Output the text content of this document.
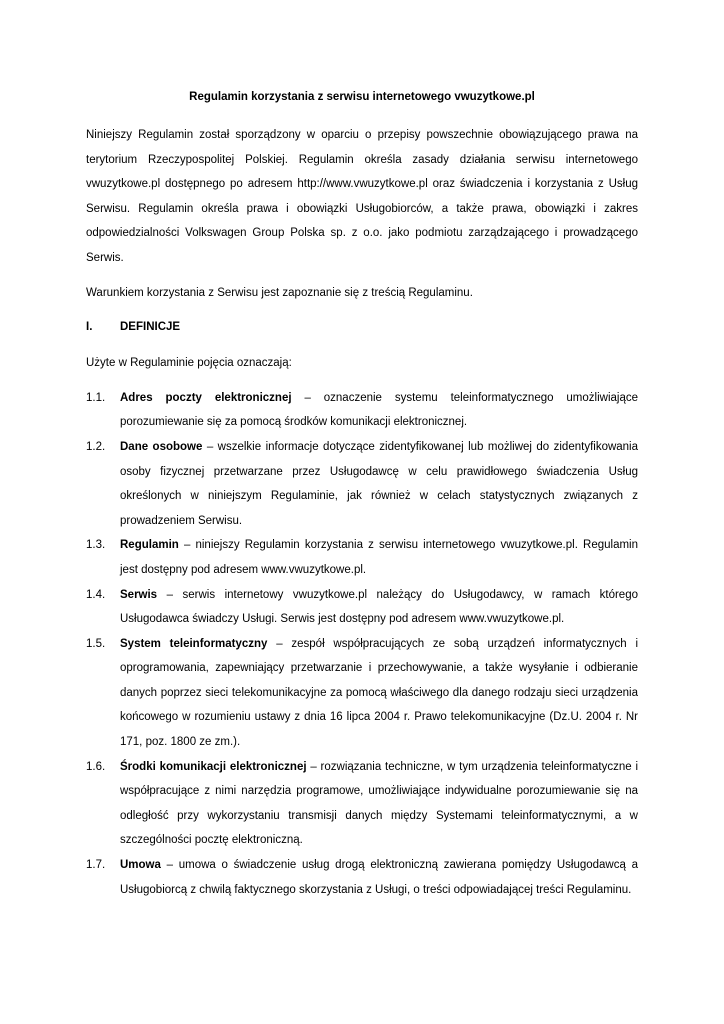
Regulamin korzystania z serwisu internetowego vwuzytkowe.pl

Niniejszy Regulamin został sporządzony w oparciu o przepisy powszechnie obowiązującego prawa na terytorium Rzeczypospolitej Polskiej. Regulamin określa zasady działania serwisu internetowego vwuzytkowe.pl dostępnego po adresem http://www.vwuzytkowe.pl oraz świadczenia i korzystania z Usług Serwisu. Regulamin określa prawa i obowiązki Usługobiorców, a także prawa, obowiązki i zakres odpowiedzialności Volkswagen Group Polska sp. z o.o. jako podmiotu zarządzającego i prowadzącego Serwis.

Warunkiem korzystania z Serwisu jest zapoznanie się z treścią Regulaminu.

I.	DEFINICJE

Użyte w Regulaminie pojęcia oznaczają:

1.1.	Adres poczty elektronicznej – oznaczenie systemu teleinformatycznego umożliwiające porozumiewanie się za pomocą środków komunikacji elektronicznej.
1.2.	Dane osobowe – wszelkie informacje dotyczące zidentyfikowanej lub możliwej do zidentyfikowania osoby fizycznej przetwarzane przez Usługodawcę w celu prawidłowego świadczenia Usług określonych w niniejszym Regulaminie, jak również w celach statystycznych związanych z prowadzeniem Serwisu.
1.3.	Regulamin – niniejszy Regulamin korzystania z serwisu internetowego vwuzytkowe.pl. Regulamin jest dostępny pod adresem www.vwuzytkowe.pl.
1.4.	Serwis – serwis internetowy vwuzytkowe.pl należący do Usługodawcy, w ramach którego Usługodawca świadczy Usługi. Serwis jest dostępny pod adresem www.vwuzytkowe.pl.
1.5.	System teleinformatyczny – zespół współpracujących ze sobą urządzeń informatycznych i oprogramowania, zapewniający przetwarzanie i przechowywanie, a także wysyłanie i odbieranie danych poprzez sieci telekomunikacyjne za pomocą właściwego dla danego rodzaju sieci urządzenia końcowego w rozumieniu ustawy z dnia 16 lipca 2004 r. Prawo telekomunikacyjne (Dz.U. 2004 r. Nr 171, poz. 1800 ze zm.).
1.6.	Środki komunikacji elektronicznej – rozwiązania techniczne, w tym urządzenia teleinformatyczne i współpracujące z nimi narzędzia programowe, umożliwiające indywidualne porozumiewanie się na odległość przy wykorzystaniu transmisji danych między Systemami teleinformatycznymi, a w szczególności pocztę elektroniczną.
1.7.	Umowa – umowa o świadczenie usług drogą elektroniczną zawierana pomiędzy Usługodawcą a Usługobiorcą z chwilą faktycznego skorzystania z Usługi, o treści odpowiadającej treści Regulaminu.
